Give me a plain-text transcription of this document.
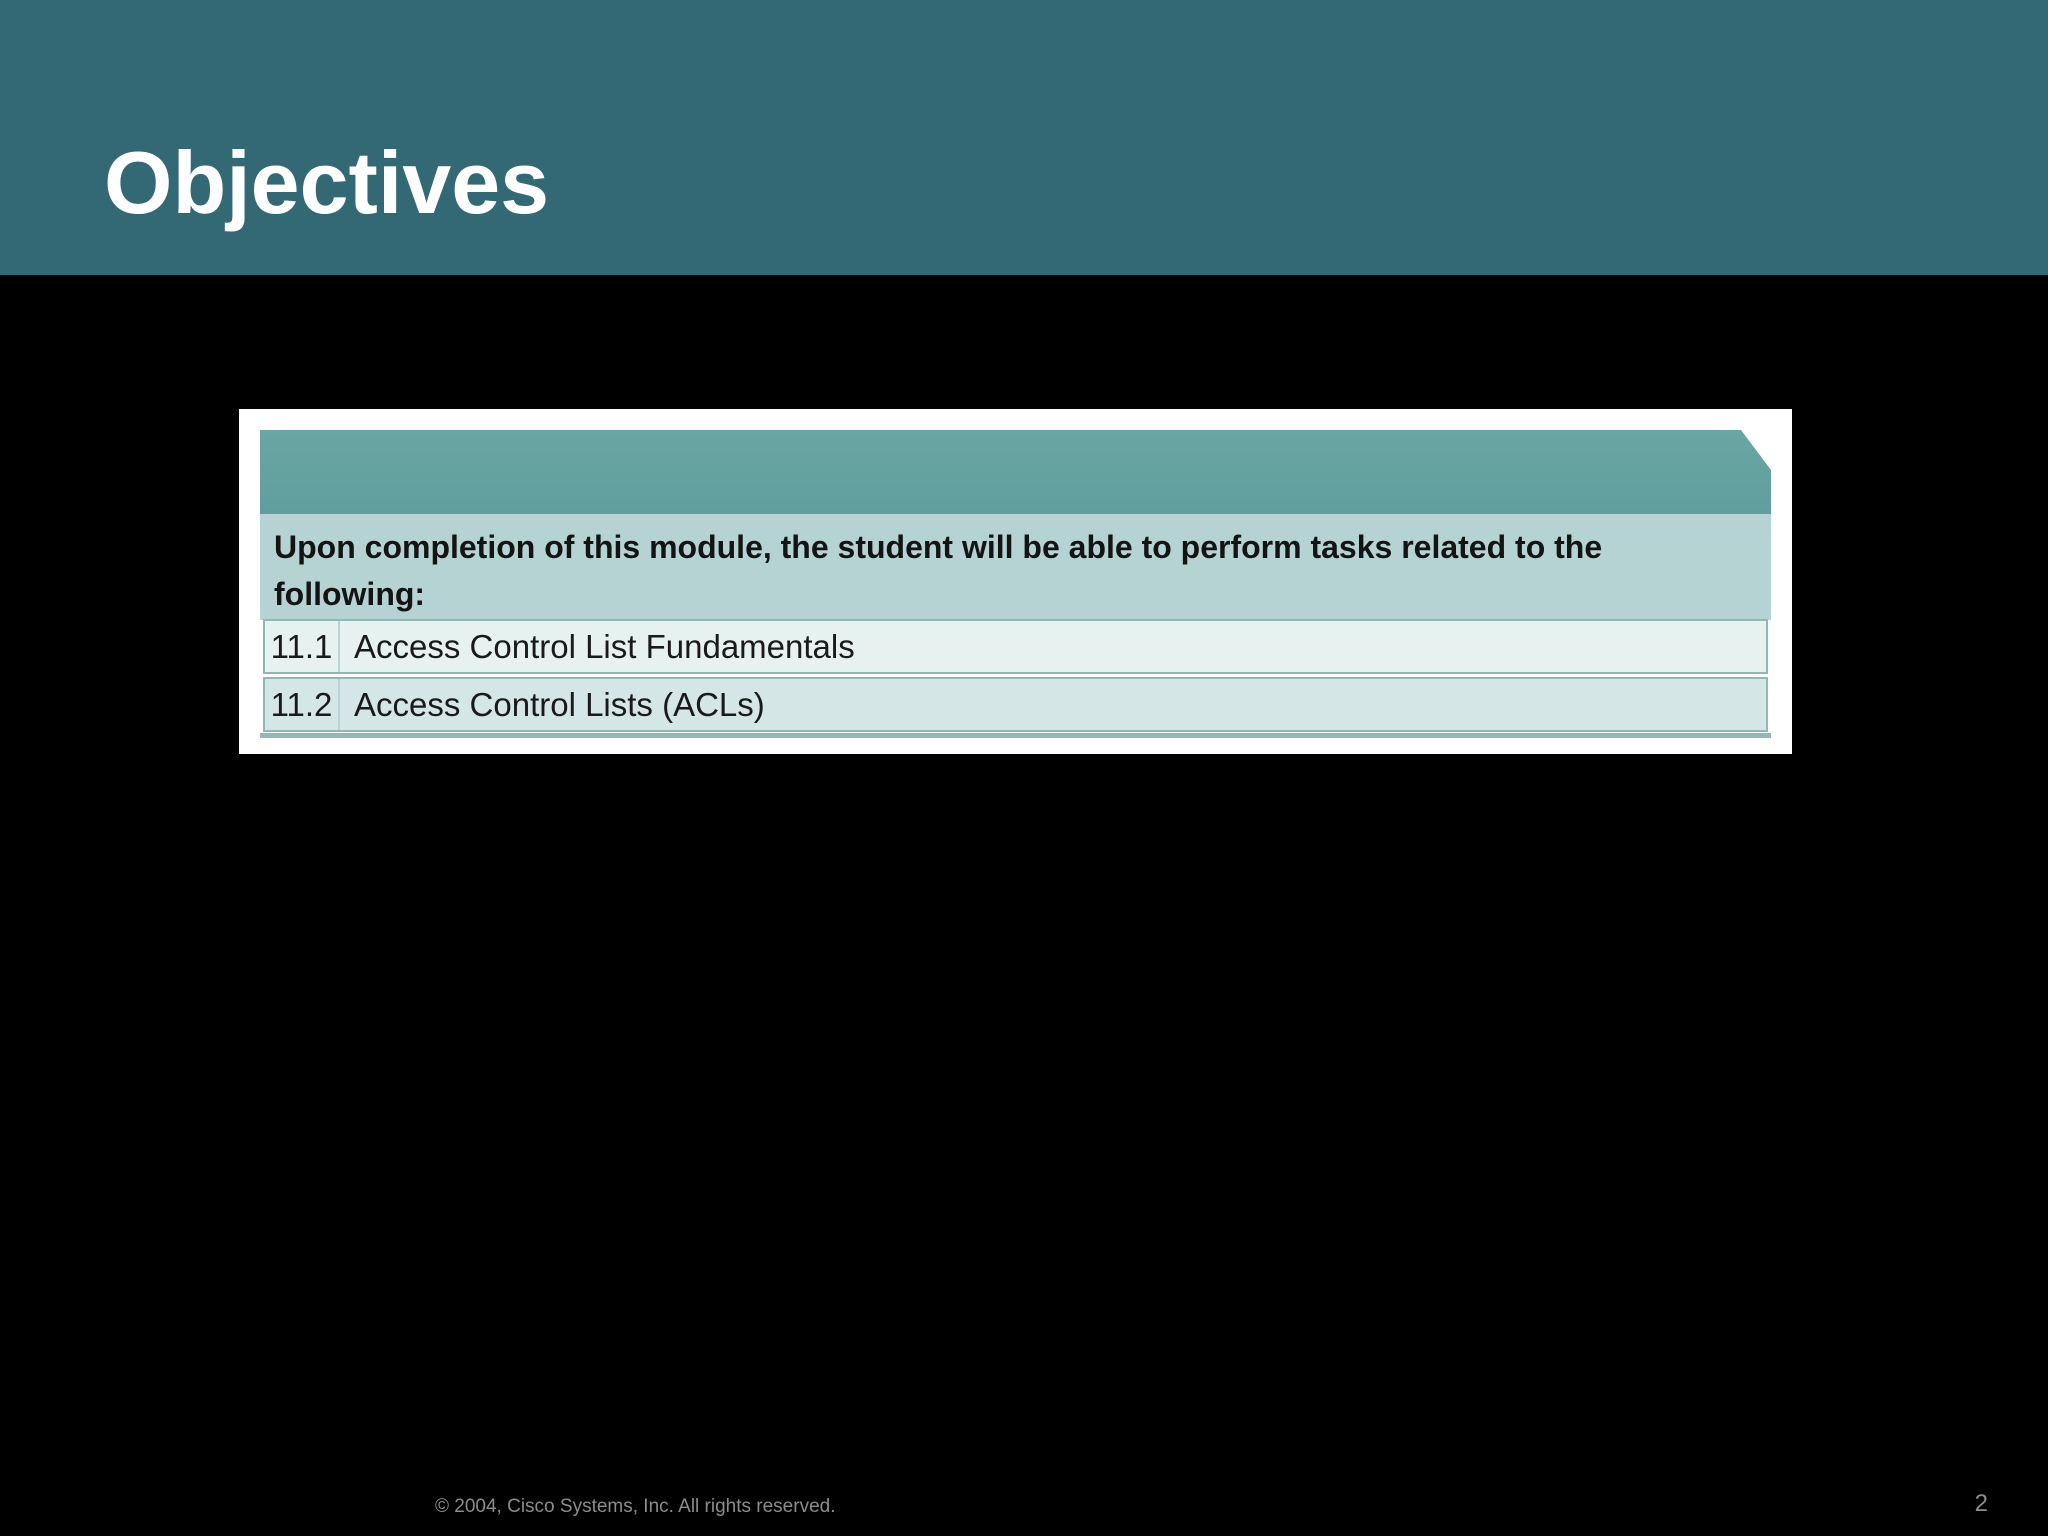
Objectives
Upon completion of this module, the student will be able to perform tasks related to the following:
11.1 Access Control List Fundamentals
11.2 Access Control Lists (ACLs)
© 2004, Cisco Systems, Inc. All rights reserved.	2
